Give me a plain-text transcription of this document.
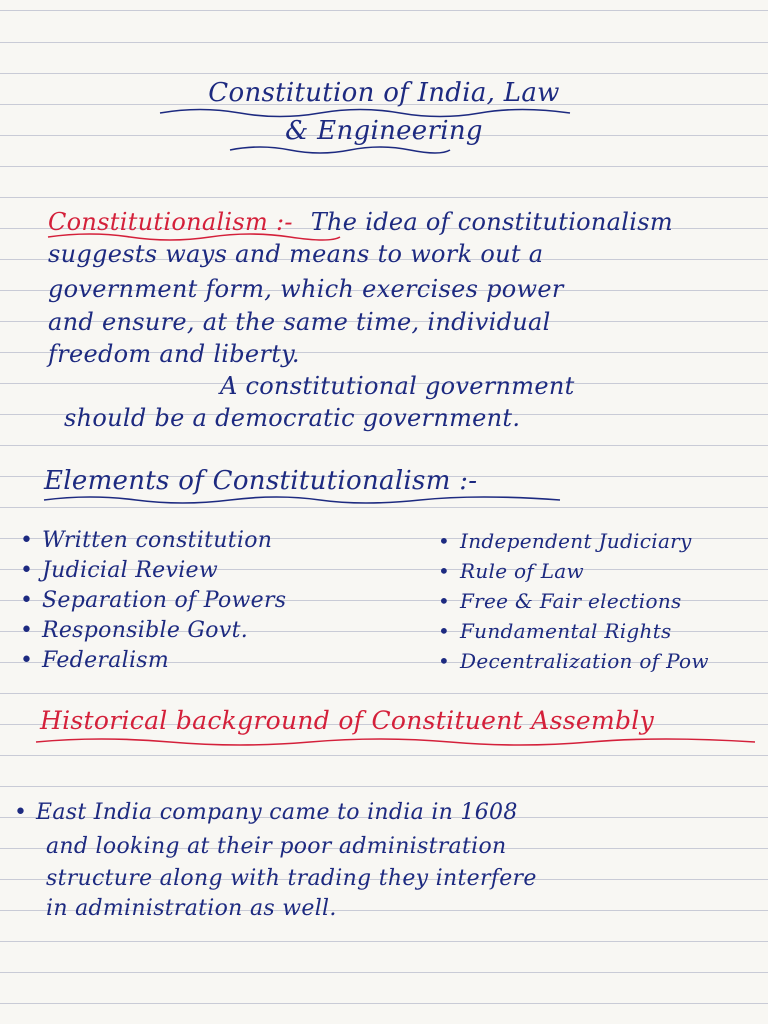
Constitution of India, Law
& Engineering
Constitutionalism :- The idea of constitutionalism
suggests ways and means to work out a
government form, which exercises power
and ensure, at the same time, individual
freedom and liberty.
A constitutional government
should be a democratic government.
Elements of Constitutionalism :-
• Written constitution
• Judicial Review
• Separation of Powers
• Responsible Govt.
• Federalism
• Independent Judiciary
• Rule of Law
• Free & Fair elections
• Fundamental Rights
• Decentralization of Pow
Historical background of Constituent Assembly
• East India company came to india in 1608
and looking at their poor administration
structure along with trading they interfere
in administration as well.
